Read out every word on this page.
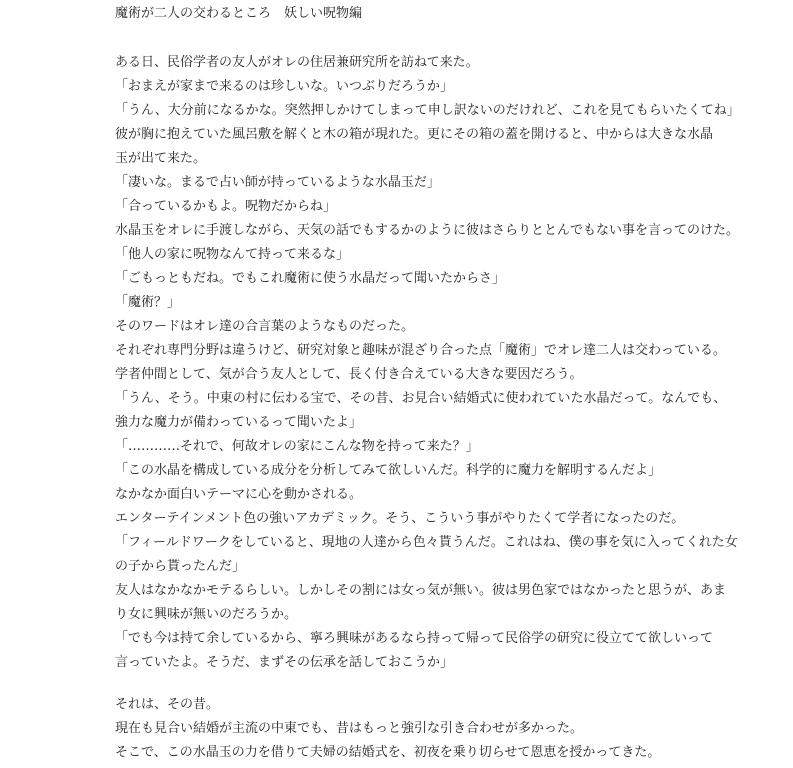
魔術が二人の交わるところ　妖しい呪物編
ある日、民俗学者の友人がオレの住居兼研究所を訪ねて来た。
「おまえが家まで来るのは珍しいな。いつぶりだろうか」
「うん、大分前になるかな。突然押しかけてしまって申し訳ないのだけれど、これを見てもらいたくてね」
彼が胸に抱えていた風呂敷を解くと木の箱が現れた。更にその箱の蓋を開けると、中からは大きな水晶
玉が出て来た。
「凄いな。まるで占い師が持っているような水晶玉だ」
「合っているかもよ。呪物だからね」
水晶玉をオレに手渡しながら、天気の話でもするかのように彼はさらりととんでもない事を言ってのけた。
「他人の家に呪物なんて持って来るな」
「ごもっともだね。でもこれ魔術に使う水晶だって聞いたからさ」
「魔術？」
そのワードはオレ達の合言葉のようなものだった。
それぞれ専門分野は違うけど、研究対象と趣味が混ざり合った点「魔術」でオレ達二人は交わっている。
学者仲間として、気が合う友人として、長く付き合えている大きな要因だろう。
「うん、そう。中東の村に伝わる宝で、その昔、お見合い結婚式に使われていた水晶だって。なんでも、
強力な魔力が備わっているって聞いたよ」
「…………それで、何故オレの家にこんな物を持って来た？」
「この水晶を構成している成分を分析してみて欲しいんだ。科学的に魔力を解明するんだよ」
なかなか面白いテーマに心を動かされる。
エンターテインメント色の強いアカデミック。そう、こういう事がやりたくて学者になったのだ。
「フィールドワークをしていると、現地の人達から色々貰うんだ。これはね、僕の事を気に入ってくれた女
の子から貰ったんだ」
友人はなかなかモテるらしい。しかしその割には女っ気が無い。彼は男色家ではなかったと思うが、あま
り女に興味が無いのだろうか。
「でも今は持て余しているから、寧ろ興味があるなら持って帰って民俗学の研究に役立てて欲しいって
言っていたよ。そうだ、まずその伝承を話しておこうか」
それは、その昔。
現在も見合い結婚が主流の中東でも、昔はもっと強引な引き合わせが多かった。
そこで、この水晶玉の力を借りて夫婦の結婚式を、初夜を乗り切らせて恩恵を授かってきた。
